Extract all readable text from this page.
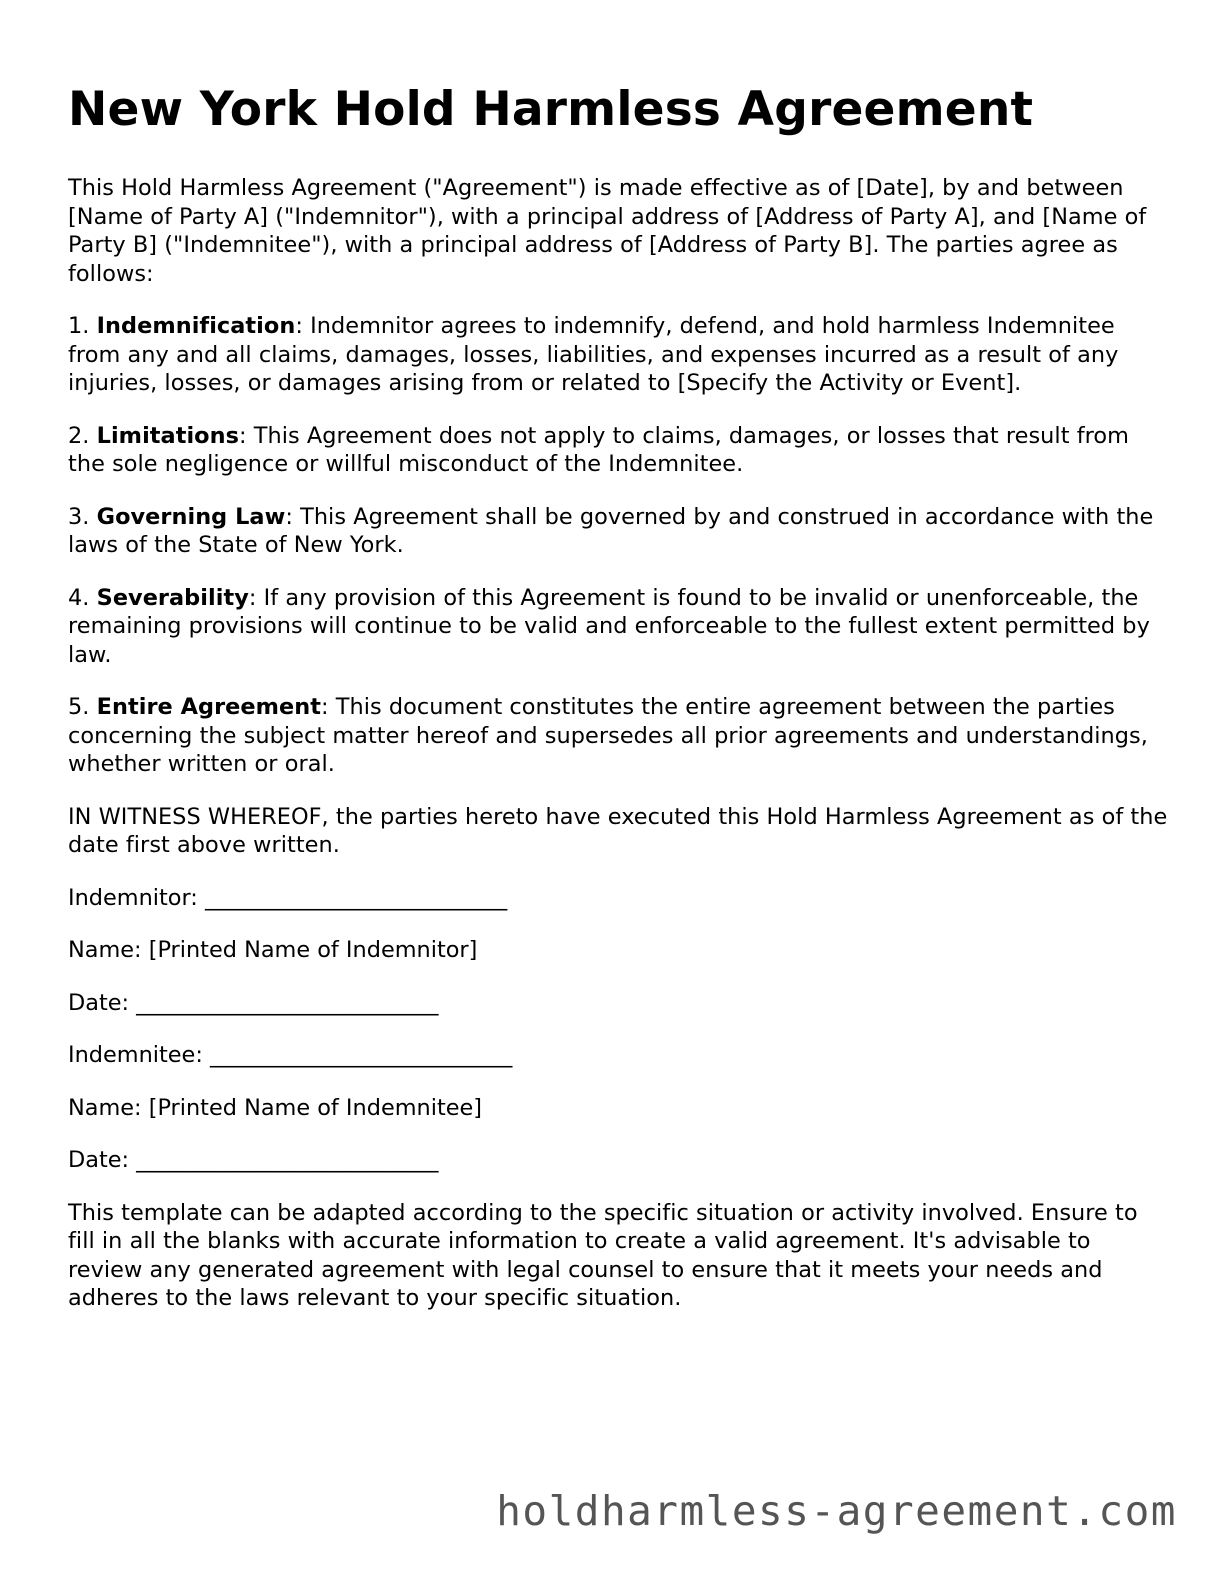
New York Hold Harmless Agreement

This Hold Harmless Agreement ("Agreement") is made effective as of [Date], by and between [Name of Party A] ("Indemnitor"), with a principal address of [Address of Party A], and [Name of Party B] ("Indemnitee"), with a principal address of [Address of Party B]. The parties agree as follows:

1. Indemnification: Indemnitor agrees to indemnify, defend, and hold harmless Indemnitee from any and all claims, damages, losses, liabilities, and expenses incurred as a result of any injuries, losses, or damages arising from or related to [Specify the Activity or Event].

2. Limitations: This Agreement does not apply to claims, damages, or losses that result from the sole negligence or willful misconduct of the Indemnitee.

3. Governing Law: This Agreement shall be governed by and construed in accordance with the laws of the State of New York.

4. Severability: If any provision of this Agreement is found to be invalid or unenforceable, the remaining provisions will continue to be valid and enforceable to the fullest extent permitted by law.

5. Entire Agreement: This document constitutes the entire agreement between the parties concerning the subject matter hereof and supersedes all prior agreements and understandings, whether written or oral.

IN WITNESS WHEREOF, the parties hereto have executed this Hold Harmless Agreement as of the date first above written.

Indemnitor: ___________________________
Name: [Printed Name of Indemnitor]
Date: ___________________________
Indemnitee: ___________________________
Name: [Printed Name of Indemnitee]
Date: ___________________________

This template can be adapted according to the specific situation or activity involved. Ensure to fill in all the blanks with accurate information to create a valid agreement. It's advisable to review any generated agreement with legal counsel to ensure that it meets your needs and adheres to the laws relevant to your specific situation.

holdharmless-agreement.com
